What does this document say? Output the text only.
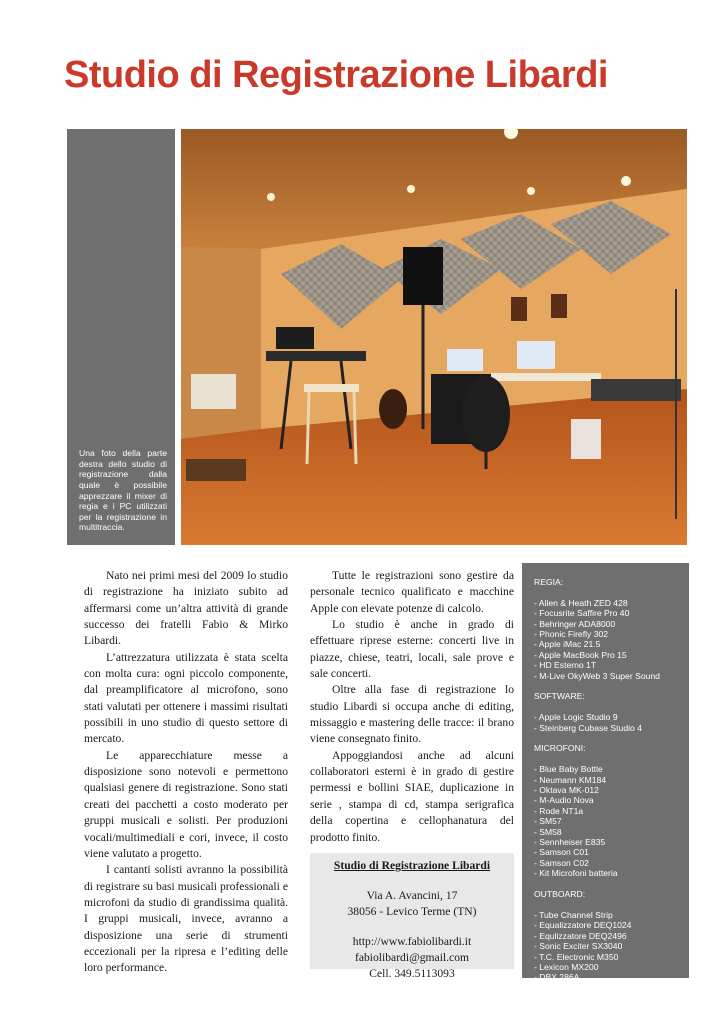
Studio di Registrazione Libardi
Una foto della parte destra dello studio di registrazione dalla quale è possibile apprezzare il mixer di regia e i PC utilizzati per la registrazione in multitraccia.

Nato nei primi mesi del 2009 lo studio di registrazione ha iniziato subito ad affermarsi come un’altra attività di grande successo dei fratelli Fabio & Mirko Libardi.

L’attrezzatura utilizzata è stata scelta con molta cura: ogni piccolo componente, dal preamplificatore al microfono, sono stati valutati per ottenere i massimi risultati possibili in uno studio di questo settore di mercato.

Le apparecchiature messe a disposizione sono notevoli e permettono qualsiasi genere di registrazione. Sono stati creati dei pacchetti a costo moderato per gruppi musicali e solisti. Per produzioni vocali/multimediali e cori, invece, il costo viene valutato a progetto.

I cantanti solisti avranno la possibilità di registrare su basi musicali professionali e microfoni da studio di grandissima qualità. I gruppi musicali, invece, avranno a disposizione una serie di strumenti eccezionali per la ripresa e l’editing delle loro performance.

Tutte le registrazioni sono gestire da personale tecnico qualificato e macchine Apple con elevate potenze di calcolo.

Lo studio è anche in grado di effettuare riprese esterne: concerti live in piazze, chiese, teatri, locali, sale prove e sale concerti.

Oltre alla fase di registrazione lo studio Libardi si occupa anche di editing, missaggio e mastering delle tracce: il brano viene consegnato finito.

Appoggiandosi anche ad alcuni collaboratori esterni è in grado di gestire permessi e bollini SIAE, duplicazione in serie , stampa di cd, stampa serigrafica della copertina e cellophanatura del prodotto finito.

Studio di Registrazione Libardi
Via A. Avancini, 17
38056 - Levico Terme (TN)
http://www.fabiolibardi.it
fabiolibardi@gmail.com
Cell. 349.5113093
REGIA:
- Allen & Heath ZED 428
- Focusrite Saffire Pro 40
- Behringer ADA8000
- Phonic Firefly 302
- Apple iMac 21.5
- Apple MacBook Pro 15
- HD Esterno 1T
- M-Live OkyWeb 3 Super Sound
SOFTWARE:
- Apple Logic Studio 9
- Steinberg Cubase Studio 4
MICROFONI:
- Blue Baby Bottle
- Neumann KM184
- Oktava MK-012
- M-Audio Nova
- Rode NT1a
- SM57
- SM58
- Sennheiser E835
- Samson C01
- Samson C02
- Kit Microfoni batteria
OUTBOARD:
- Tube Channel Strip
- Equalizzatore DEQ1024
- Equlizzatore DEQ2496
- Sonic Exciter SX3040
- T.C. Electronic M350
- Lexicon MX200
- DBX 286A
- Behringer MDX2600
